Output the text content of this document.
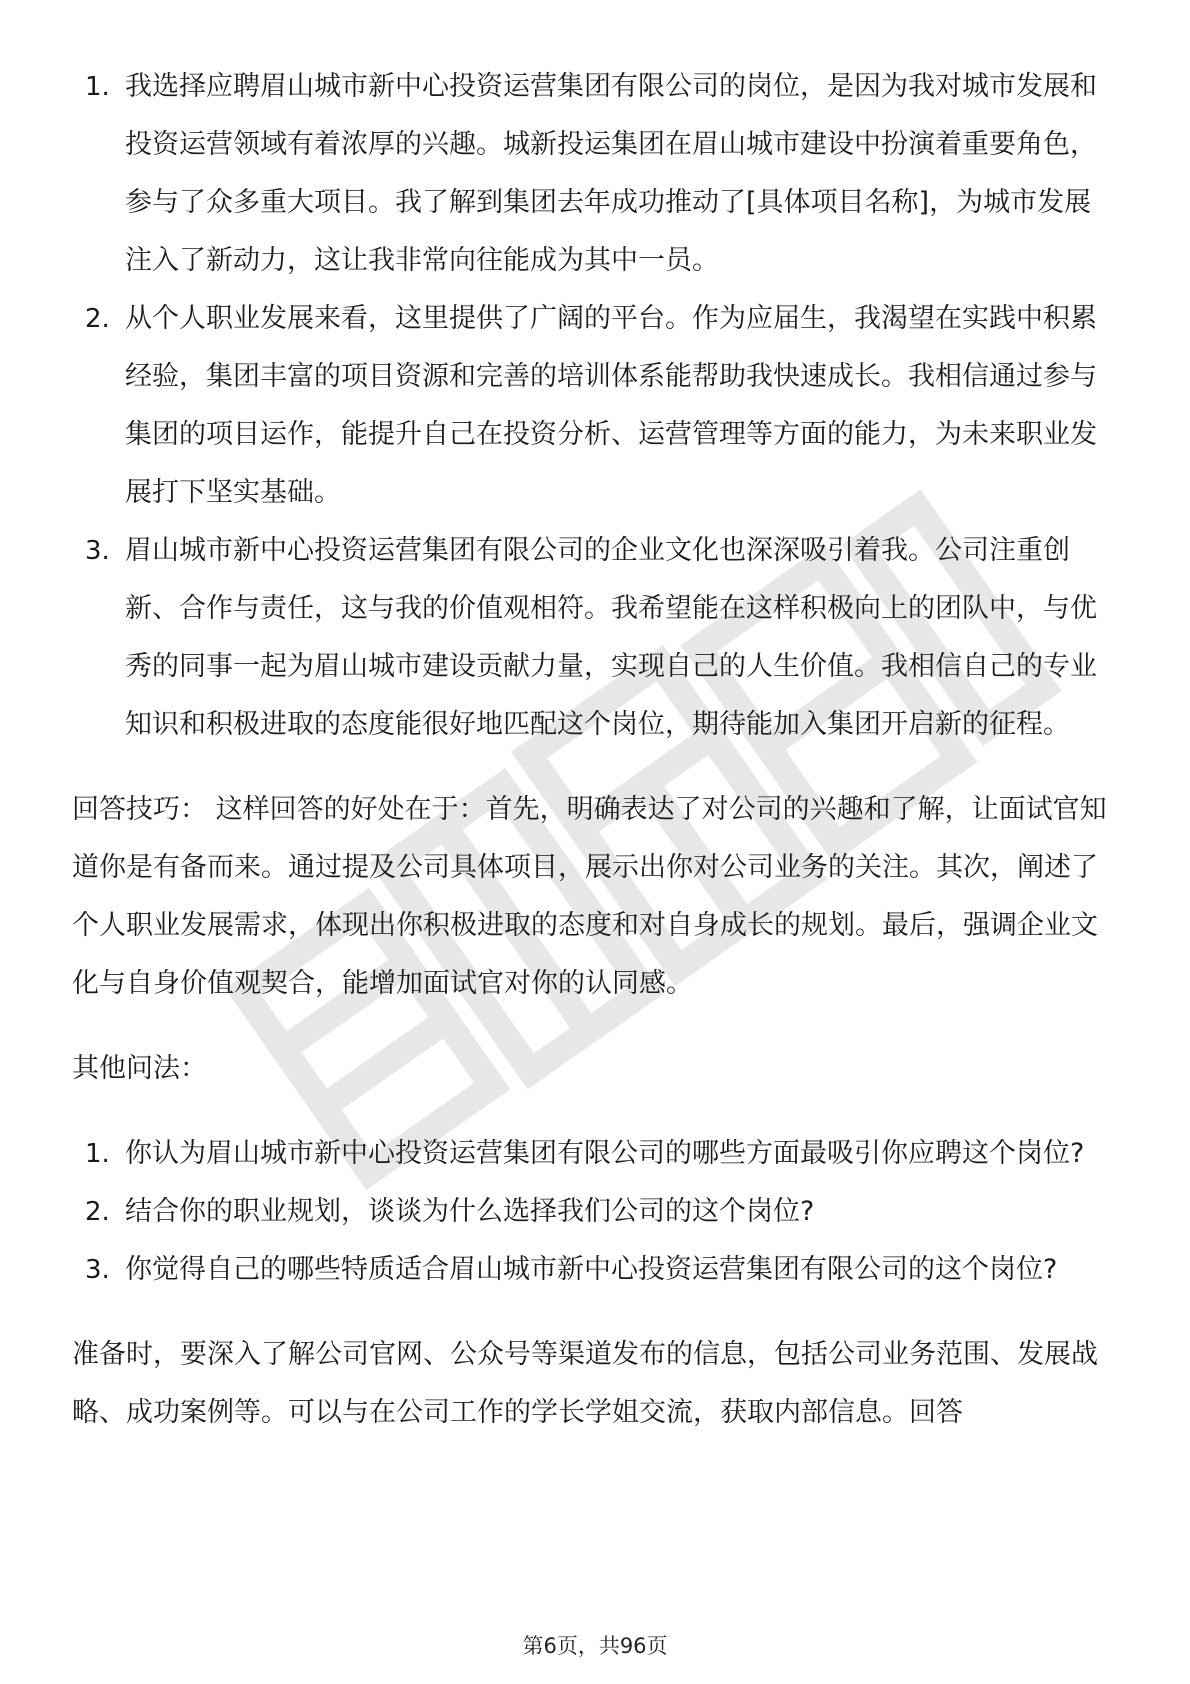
1. 我选择应聘眉山城市新中心投资运营集团有限公司的岗位，是因为我对城市发展和投资运营领域有着浓厚的兴趣。城新投运集团在眉山城市建设中扮演着重要角色，参与了众多重大项目。我了解到集团去年成功推动了[具体项目名称]，为城市发展注入了新动力，这让我非常向往能成为其中一员。
2. 从个人职业发展来看，这里提供了广阔的平台。作为应届生，我渴望在实践中积累经验，集团丰富的项目资源和完善的培训体系能帮助我快速成长。我相信通过参与集团的项目运作，能提升自己在投资分析、运营管理等方面的能力，为未来职业发展打下坚实基础。
3. 眉山城市新中心投资运营集团有限公司的企业文化也深深吸引着我。公司注重创新、合作与责任，这与我的价值观相符。我希望能在这样积极向上的团队中，与优秀的同事一起为眉山城市建设贡献力量，实现自己的人生价值。我相信自己的专业知识和积极进取的态度能很好地匹配这个岗位，期待能加入集团开启新的征程。

回答技巧： 这样回答的好处在于：首先，明确表达了对公司的兴趣和了解，让面试官知道你是有备而来。通过提及公司具体项目，展示出你对公司业务的关注。其次，阐述了个人职业发展需求，体现出你积极进取的态度和对自身成长的规划。最后，强调企业文化与自身价值观契合，能增加面试官对你的认同感。

其他问法：

1. 你认为眉山城市新中心投资运营集团有限公司的哪些方面最吸引你应聘这个岗位?
2. 结合你的职业规划，谈谈为什么选择我们公司的这个岗位?
3. 你觉得自己的哪些特质适合眉山城市新中心投资运营集团有限公司的这个岗位?

准备时，要深入了解公司官网、公众号等渠道发布的信息，包括公司业务范围、发展战略、成功案例等。可以与在公司工作的学长学姐交流，获取内部信息。回答

第6页，共96页
